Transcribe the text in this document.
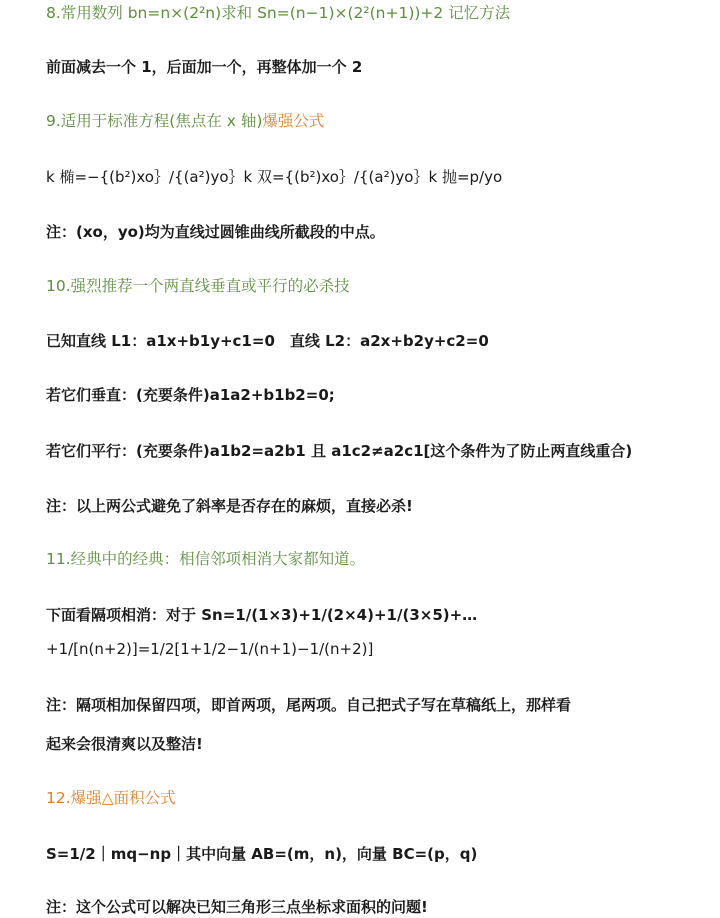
8.常用数列 bn=n×(2²n)求和 Sn=(n−1)×(2²(n+1))+2 记忆方法
前面减去一个 1，后面加一个，再整体加一个 2
9.适用于标准方程(焦点在 x 轴)爆强公式
k 椭=−{(b²)xo｝/{(a²)yo｝k 双={(b²)xo｝/{(a²)yo｝k 抛=p/yo
注：(xo，yo)均为直线过圆锥曲线所截段的中点。
10.强烈推荐一个两直线垂直或平行的必杀技
已知直线 L1：a1x+b1y+c1=0　直线 L2：a2x+b2y+c2=0
若它们垂直：(充要条件)a1a2+b1b2=0;
若它们平行：(充要条件)a1b2=a2b1 且 a1c2≠a2c1[这个条件为了防止两直线重合)
注：以上两公式避免了斜率是否存在的麻烦，直接必杀!
11.经典中的经典：相信邻项相消大家都知道。
下面看隔项相消：对于 Sn=1/(1×3)+1/(2×4)+1/(3×5)+…
+1/[n(n+2)]=1/2[1+1/2−1/(n+1)−1/(n+2)]
注：隔项相加保留四项，即首两项，尾两项。自己把式子写在草稿纸上，那样看
起来会很清爽以及整洁!
12.爆强△面积公式
S=1/2｜mq−np｜其中向量 AB=(m，n)，向量 BC=(p，q)
注：这个公式可以解决已知三角形三点坐标求面积的问题!
